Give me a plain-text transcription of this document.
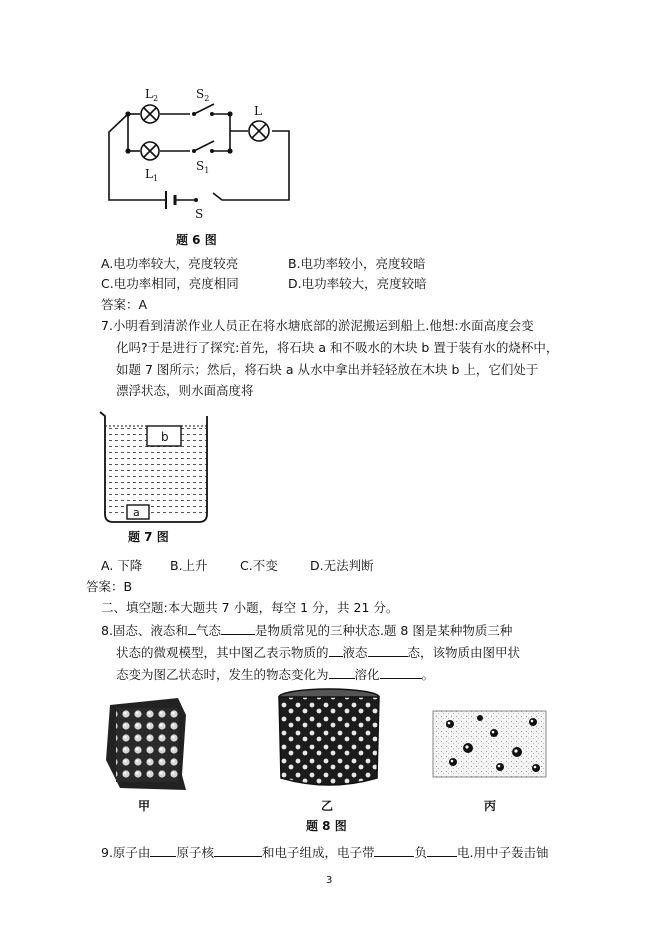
$L_2$	$S_2$
L
$S_1$
$L_1$
S
题 6 图
A.电功率较大，亮度较亮	B.电功率较小，亮度较暗
C.电功率相同，亮度相同	D.电功率较大，亮度较暗
答案：A
7.小明看到清淤作业人员正在将水塘底部的淤泥搬运到船上.他想:水面高度会变
化吗?于是进行了探究:首先，将石块 a 和不吸水的木块 b 置于装有水的烧杯中，
如题 7 图所示；然后，将石块 a 从水中拿出并轻轻放在木块 b 上，它们处于
漂浮状态，则水面高度将
b
a
题 7 图
A. 下降 B.上升	C.不变	D.无法判断
答案：B
二、填空题:本大题共 7 小题，每空 1 分，共 21 分。
8.固态、液态和 气态	是物质常见的三种状态.题 8 图是某种物质三种
状态的微观模型，其中图乙表示物质的 液态	态，该物质由图甲状
态变为图乙状态时，发生的物态变化为 溶化	。
甲	乙	丙
题 8 图
9.原子由 原子核	和电子组成，电子带	负 电.用中子轰击铀
3
